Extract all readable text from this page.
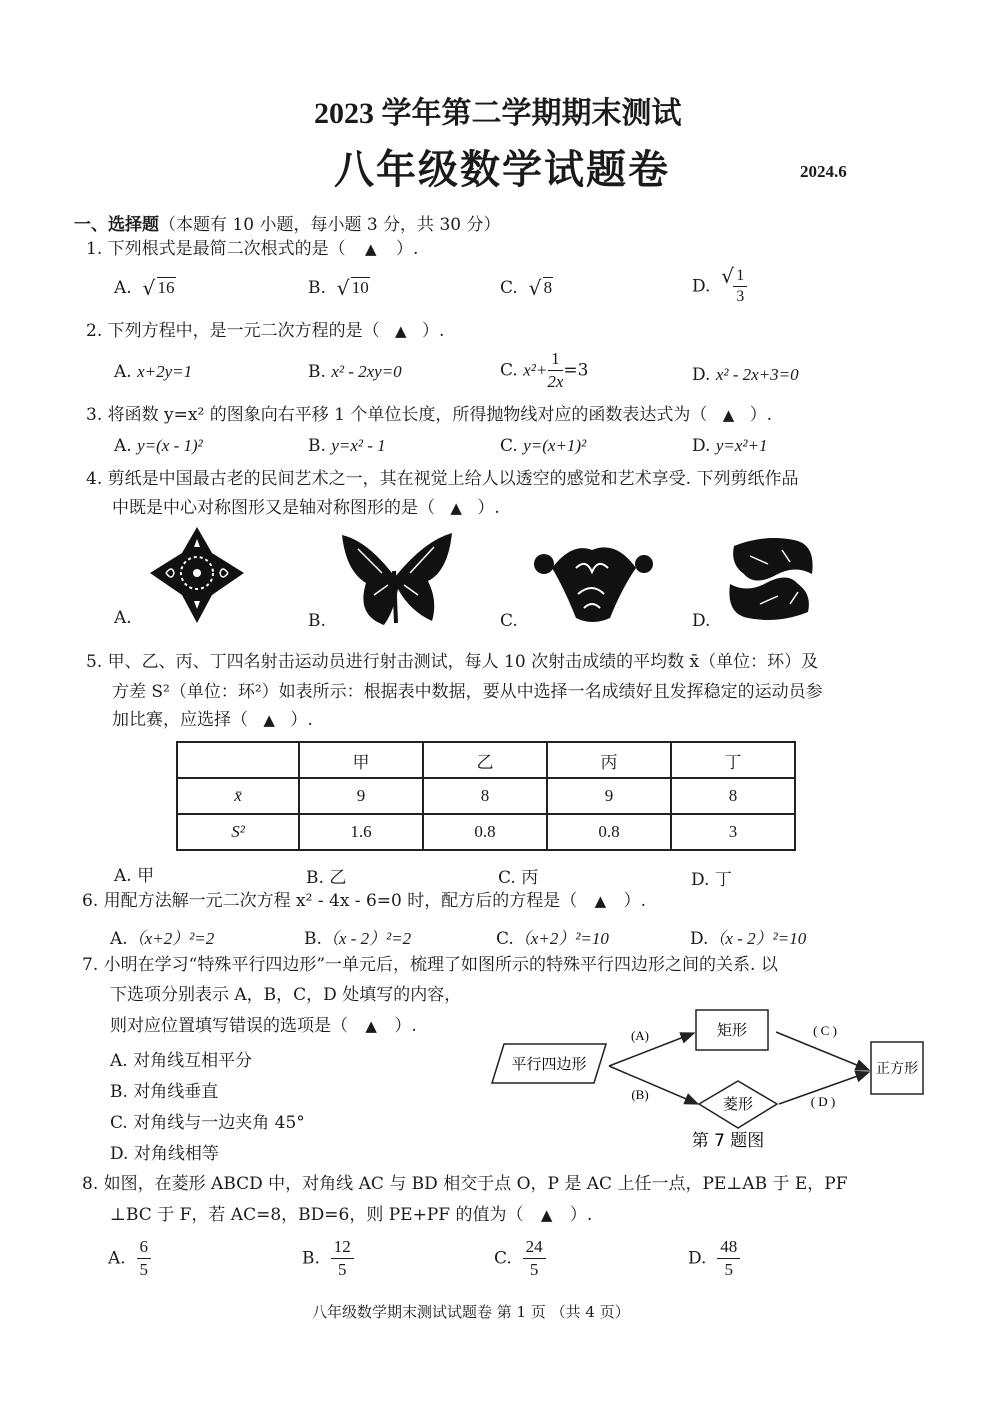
2023 学年第二学期期末测试
八年级数学试题卷	2024.6
一、选择题（本题有 10 小题，每小题 3 分，共 30 分）
1. 下列根式是最简二次根式的是（ ▲ ）.
A. √ 16	B. √ 10	C. √ 8	D. √ $\frac{1}{3}$
2. 下列方程中，是一元二次方程的是（ ▲ ）.
A. x+2y=1	B. x² - 2xy=0	C. $x^2+ \frac{1}{2x} =3$	D. x² - 2x+3=0
3. 将函数 y=x² 的图象向右平移 1 个单位长度，所得抛物线对应的函数表达式为（ ▲ ）.
A. y=(x - 1)²	B. y=x² - 1	C. y=(x+1)²	D. y=x²+1
4. 剪纸是中国最古老的民间艺术之一，其在视觉上给人以透空的感觉和艺术享受. 下列剪纸作品
中既是中心对称图形又是轴对称图形的是（ ▲ ）.
A.	B.	C.	D.
5. 甲、乙、丙、丁四名射击运动员进行射击测试，每人 10 次射击成绩的平均数 x̄（单位：环）及
方差 S²（单位：环²）如表所示：根据表中数据，要从中选择一名成绩好且发挥稳定的运动员参
加比赛，应选择（ ▲ ）.
	甲	乙	丙	丁
x̄	9	8	9	8
S²	1.6	0.8	0.8	3
A. 甲	B. 乙	C. 丙	D. 丁
6. 用配方法解一元二次方程 x² - 4x - 6=0 时，配方后的方程是（ ▲ ）.
A.（x+2）²=2	B.（x - 2）²=2	C.（x+2）²=10	D.（x - 2）²=10
7. 小明在学习“特殊平行四边形”一单元后，梳理了如图所示的特殊平行四边形之间的关系. 以
下选项分别表示 A，B，C，D 处填写的内容，
则对应位置填写错误的选项是（ ▲ ）.
A. 对角线互相平分
B. 对角线垂直
C. 对角线与一边夹角 45°
D. 对角线相等
平行四边形
矩形
菱形
正方形
(A)
(B)
( C )
( D )
第 7 题图
8. 如图，在菱形 ABCD 中，对角线 AC 与 BD 相交于点 O，P 是 AC 上任一点，PE⊥AB 于 E，PF
⊥BC 于 F，若 AC=8，BD=6，则 PE+PF 的值为（ ▲ ）.
A. $\frac{6}{5}$	B. $\frac{12}{5}$	C. $\frac{24}{5}$	D. $\frac{48}{5}$
八年级数学期末测试试题卷 第 1 页 （共 4 页）
